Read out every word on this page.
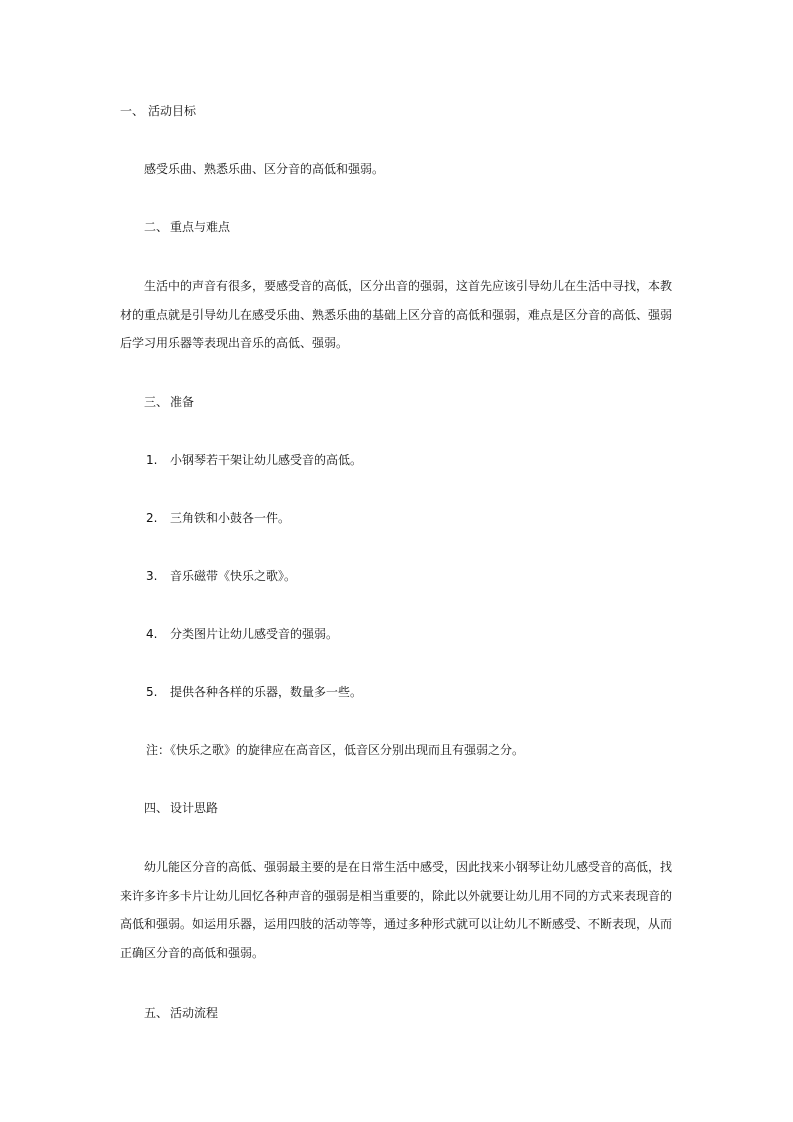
一、 活动目标
感受乐曲、熟悉乐曲、区分音的高低和强弱。
二、 重点与难点
生活中的声音有很多，要感受音的高低，区分出音的强弱，这首先应该引导幼儿在生活中寻找，本教材的重点就是引导幼儿在感受乐曲、熟悉乐曲的基础上区分音的高低和强弱，难点是区分音的高低、强弱后学习用乐器等表现出音乐的高低、强弱。
三、 准备
1. 小钢琴若干架让幼儿感受音的高低。
2. 三角铁和小鼓各一件。
3. 音乐磁带《快乐之歌》。
4. 分类图片让幼儿感受音的强弱。
5. 提供各种各样的乐器，数量多一些。
注：《快乐之歌》的旋律应在高音区，低音区分别出现而且有强弱之分。
四、 设计思路
幼儿能区分音的高低、强弱最主要的是在日常生活中感受，因此找来小钢琴让幼儿感受音的高低，找来许多许多卡片让幼儿回忆各种声音的强弱是相当重要的，除此以外就要让幼儿用不同的方式来表现音的高低和强弱。如运用乐器，运用四肢的活动等等，通过多种形式就可以让幼儿不断感受、不断表现，从而正确区分音的高低和强弱。
五、 活动流程
